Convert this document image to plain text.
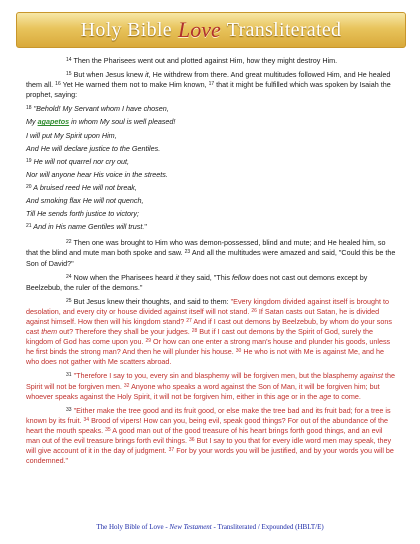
Holy Bible Love Transliterated

$^{14}$ Then the Pharisees went out and plotted against Him, how they might destroy Him.

$^{15}$ But when Jesus knew it, He withdrew from there. And great multitudes followed Him, and He healed them all. $^{16}$ Yet He warned them not to make Him known, $^{17}$ that it might be fulfilled which was spoken by Isaiah the prophet, saying:

$^{18}$ "Behold! My Servant whom I have chosen,

My agapetos in whom My soul is well pleased!

I will put My Spirit upon Him,

And He will declare justice to the Gentiles.

$^{19}$ He will not quarrel nor cry out,

Nor will anyone hear His voice in the streets.

$^{20}$ A bruised reed He will not break,

And smoking flax He will not quench,

Till He sends forth justice to victory;

$^{21}$ And in His name Gentiles will trust."

$^{22}$ Then one was brought to Him who was demon-possessed, blind and mute; and He healed him, so that the blind and mute man both spoke and saw. $^{23}$ And all the multitudes were amazed and said, "Could this be the Son of David?"

$^{24}$ Now when the Pharisees heard it they said, "This fellow does not cast out demons except by Beelzebub, the ruler of the demons."

$^{25}$ But Jesus knew their thoughts, and said to them: "Every kingdom divided against itself is brought to desolation, and every city or house divided against itself will not stand. $^{26}$ If Satan casts out Satan, he is divided against himself. How then will his kingdom stand? $^{27}$ And if I cast out demons by Beelzebub, by whom do your sons cast them out? Therefore they shall be your judges. $^{28}$ But if I cast out demons by the Spirit of God, surely the kingdom of God has come upon you. $^{29}$ Or how can one enter a strong man's house and plunder his goods, unless he first binds the strong man? And then he will plunder his house. $^{30}$ He who is not with Me is against Me, and he who does not gather with Me scatters abroad.

$^{31}$ "Therefore I say to you, every sin and blasphemy will be forgiven men, but the blasphemy against the Spirit will not be forgiven men. $^{32}$ Anyone who speaks a word against the Son of Man, it will be forgiven him; but whoever speaks against the Holy Spirit, it will not be forgiven him, either in this age or in the age to come.

$^{33}$ "Either make the tree good and its fruit good, or else make the tree bad and its fruit bad; for a tree is known by its fruit. $^{34}$ Brood of vipers! How can you, being evil, speak good things? For out of the abundance of the heart the mouth speaks. $^{35}$ A good man out of the good treasure of his heart brings forth good things, and an evil man out of the evil treasure brings forth evil things. $^{36}$ But I say to you that for every idle word men may speak, they will give account of it in the day of judgment. $^{37}$ For by your words you will be justified, and by your words you will be condemned."

The Holy Bible of Love - New Testament - Transliterated / Expounded (HBLT/E)
